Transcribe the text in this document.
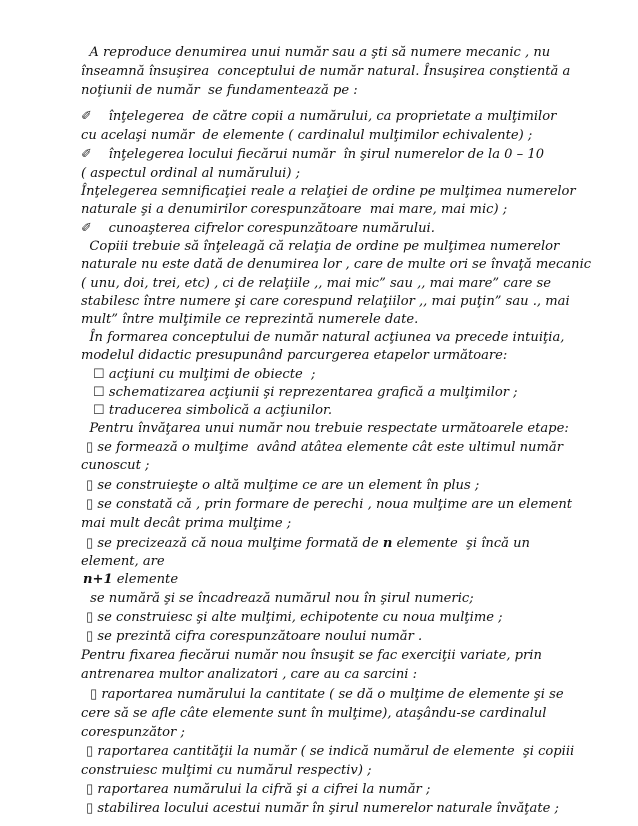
A reproduce denumirea unui număr sau a şti să numere mecanic , nu
înseamnă însuşirea  conceptului de număr natural. Însuşirea conştientă a
noţiunii de număr  se fundamentează pe :
✐    înţelegerea  de către copii a numărului, ca proprietate a mulţimilor
cu acelaşi număr  de elemente ( cardinalul mulţimilor echivalente) ;
✐    înţelegerea locului fiecărui număr  în şirul numerelor de la 0 – 10
( aspectul ordinal al numărului) ;
Înţelegerea semnificaţiei reale a relaţiei de ordine pe mulţimea numerelor
naturale şi a denumirilor corespunzătoare  mai mare, mai mic) ;
✐    cunoaşterea cifrelor corespunzătoare numărului.
Copiii trebuie să înţeleagă că relaţia de ordine pe mulţimea numerelor
naturale nu este dată de denumirea lor , care de multe ori se învaţă mecanic
( unu, doi, trei, etc) , ci de relaţiile ,, mai mic” sau ,, mai mare” care se
stabilesc între numere şi care corespund relaţiilor ,, mai puţin” sau ., mai
mult” între mulţimile ce reprezintă numerele date.
În formarea conceptului de număr natural acţiunea va precede intuiţia,
modelul didactic presupunând parcurgerea etapelor următoare:
☐ acţiuni cu mulţimi de obiecte  ;
☐ schematizarea acţiunii şi reprezentarea grafică a mulţimilor ;
☐ traducerea simbolică a acţiunilor.
Pentru învăţarea unui număr nou trebuie respectate următoarele etape:
▯ se formează o mulţime  având atâtea elemente cât este ultimul număr
cunoscut ;
▯ se construieşte o altă mulţime ce are un element în plus ;
▯ se constată că , prin formare de perechi , noua mulţime are un element
mai mult decât prima mulţime ;
▯ se precizează că noua mulţime formată de n elemente  şi încă un
element, are
n+1 elemente
se numără şi se încadrează numărul nou în şirul numeric;
▯ se construiesc şi alte mulţimi, echipotente cu noua mulţime ;
▯ se prezintă cifra corespunzătoare noului număr .
Pentru fixarea fiecărui număr nou însuşit se fac exerciţii variate, prin
antrenarea multor analizatori , care au ca sarcini :
▯ raportarea numărului la cantitate ( se dă o mulţime de elemente şi se
cere să se afle câte elemente sunt în mulţime), ataşându-se cardinalul
corespunzător ;
▯ raportarea cantităţii la număr ( se indică numărul de elemente  şi copiii
construiesc mulţimi cu numărul respectiv) ;
▯ raportarea numărului la cifră şi a cifrei la număr ;
▯ stabilirea locului acestui număr în şirul numerelor naturale învăţate ;
